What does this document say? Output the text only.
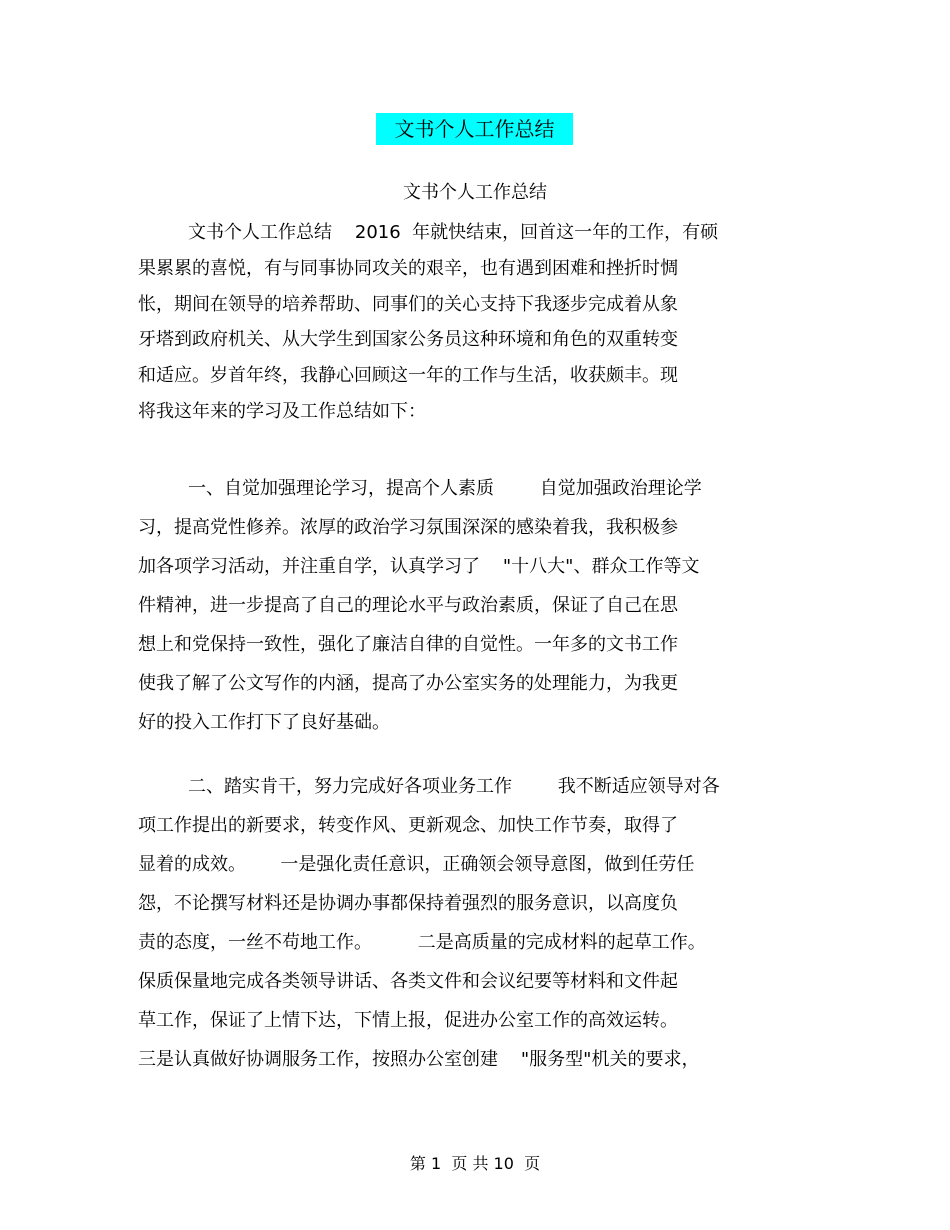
文书个人工作总结
文书个人工作总结
文书个人工作总结    2016  年就快结束，回首这一年的工作，有硕
果累累的喜悦，有与同事协同攻关的艰辛，也有遇到困难和挫折时惆
怅，期间在领导的培养帮助、同事们的关心支持下我逐步完成着从象
牙塔到政府机关、从大学生到国家公务员这种环境和角色的双重转变
和适应。岁首年终，我静心回顾这一年的工作与生活，收获颇丰。现
将我这年来的学习及工作总结如下：
一、自觉加强理论学习，提高个人素质        自觉加强政治理论学
习，提高党性修养。浓厚的政治学习氛围深深的感染着我，我积极参
加各项学习活动，并注重自学，认真学习了    "十八大"、群众工作等文
件精神，进一步提高了自己的理论水平与政治素质，保证了自己在思
想上和党保持一致性，强化了廉洁自律的自觉性。一年多的文书工作
使我了解了公文写作的内涵，提高了办公室实务的处理能力，为我更
好的投入工作打下了良好基础。
二、踏实肯干，努力完成好各项业务工作        我不断适应领导对各
项工作提出的新要求，转变作风、更新观念、加快工作节奏，取得了
显着的成效。      一是强化责任意识，正确领会领导意图，做到任劳任
怨，不论撰写材料还是协调办事都保持着强烈的服务意识，以高度负
责的态度，一丝不苟地工作。        二是高质量的完成材料的起草工作。
保质保量地完成各类领导讲话、各类文件和会议纪要等材料和文件起
草工作，保证了上情下达，下情上报，促进办公室工作的高效运转。
三是认真做好协调服务工作，按照办公室创建    "服务型"机关的要求，
第 1  页 共 10  页
